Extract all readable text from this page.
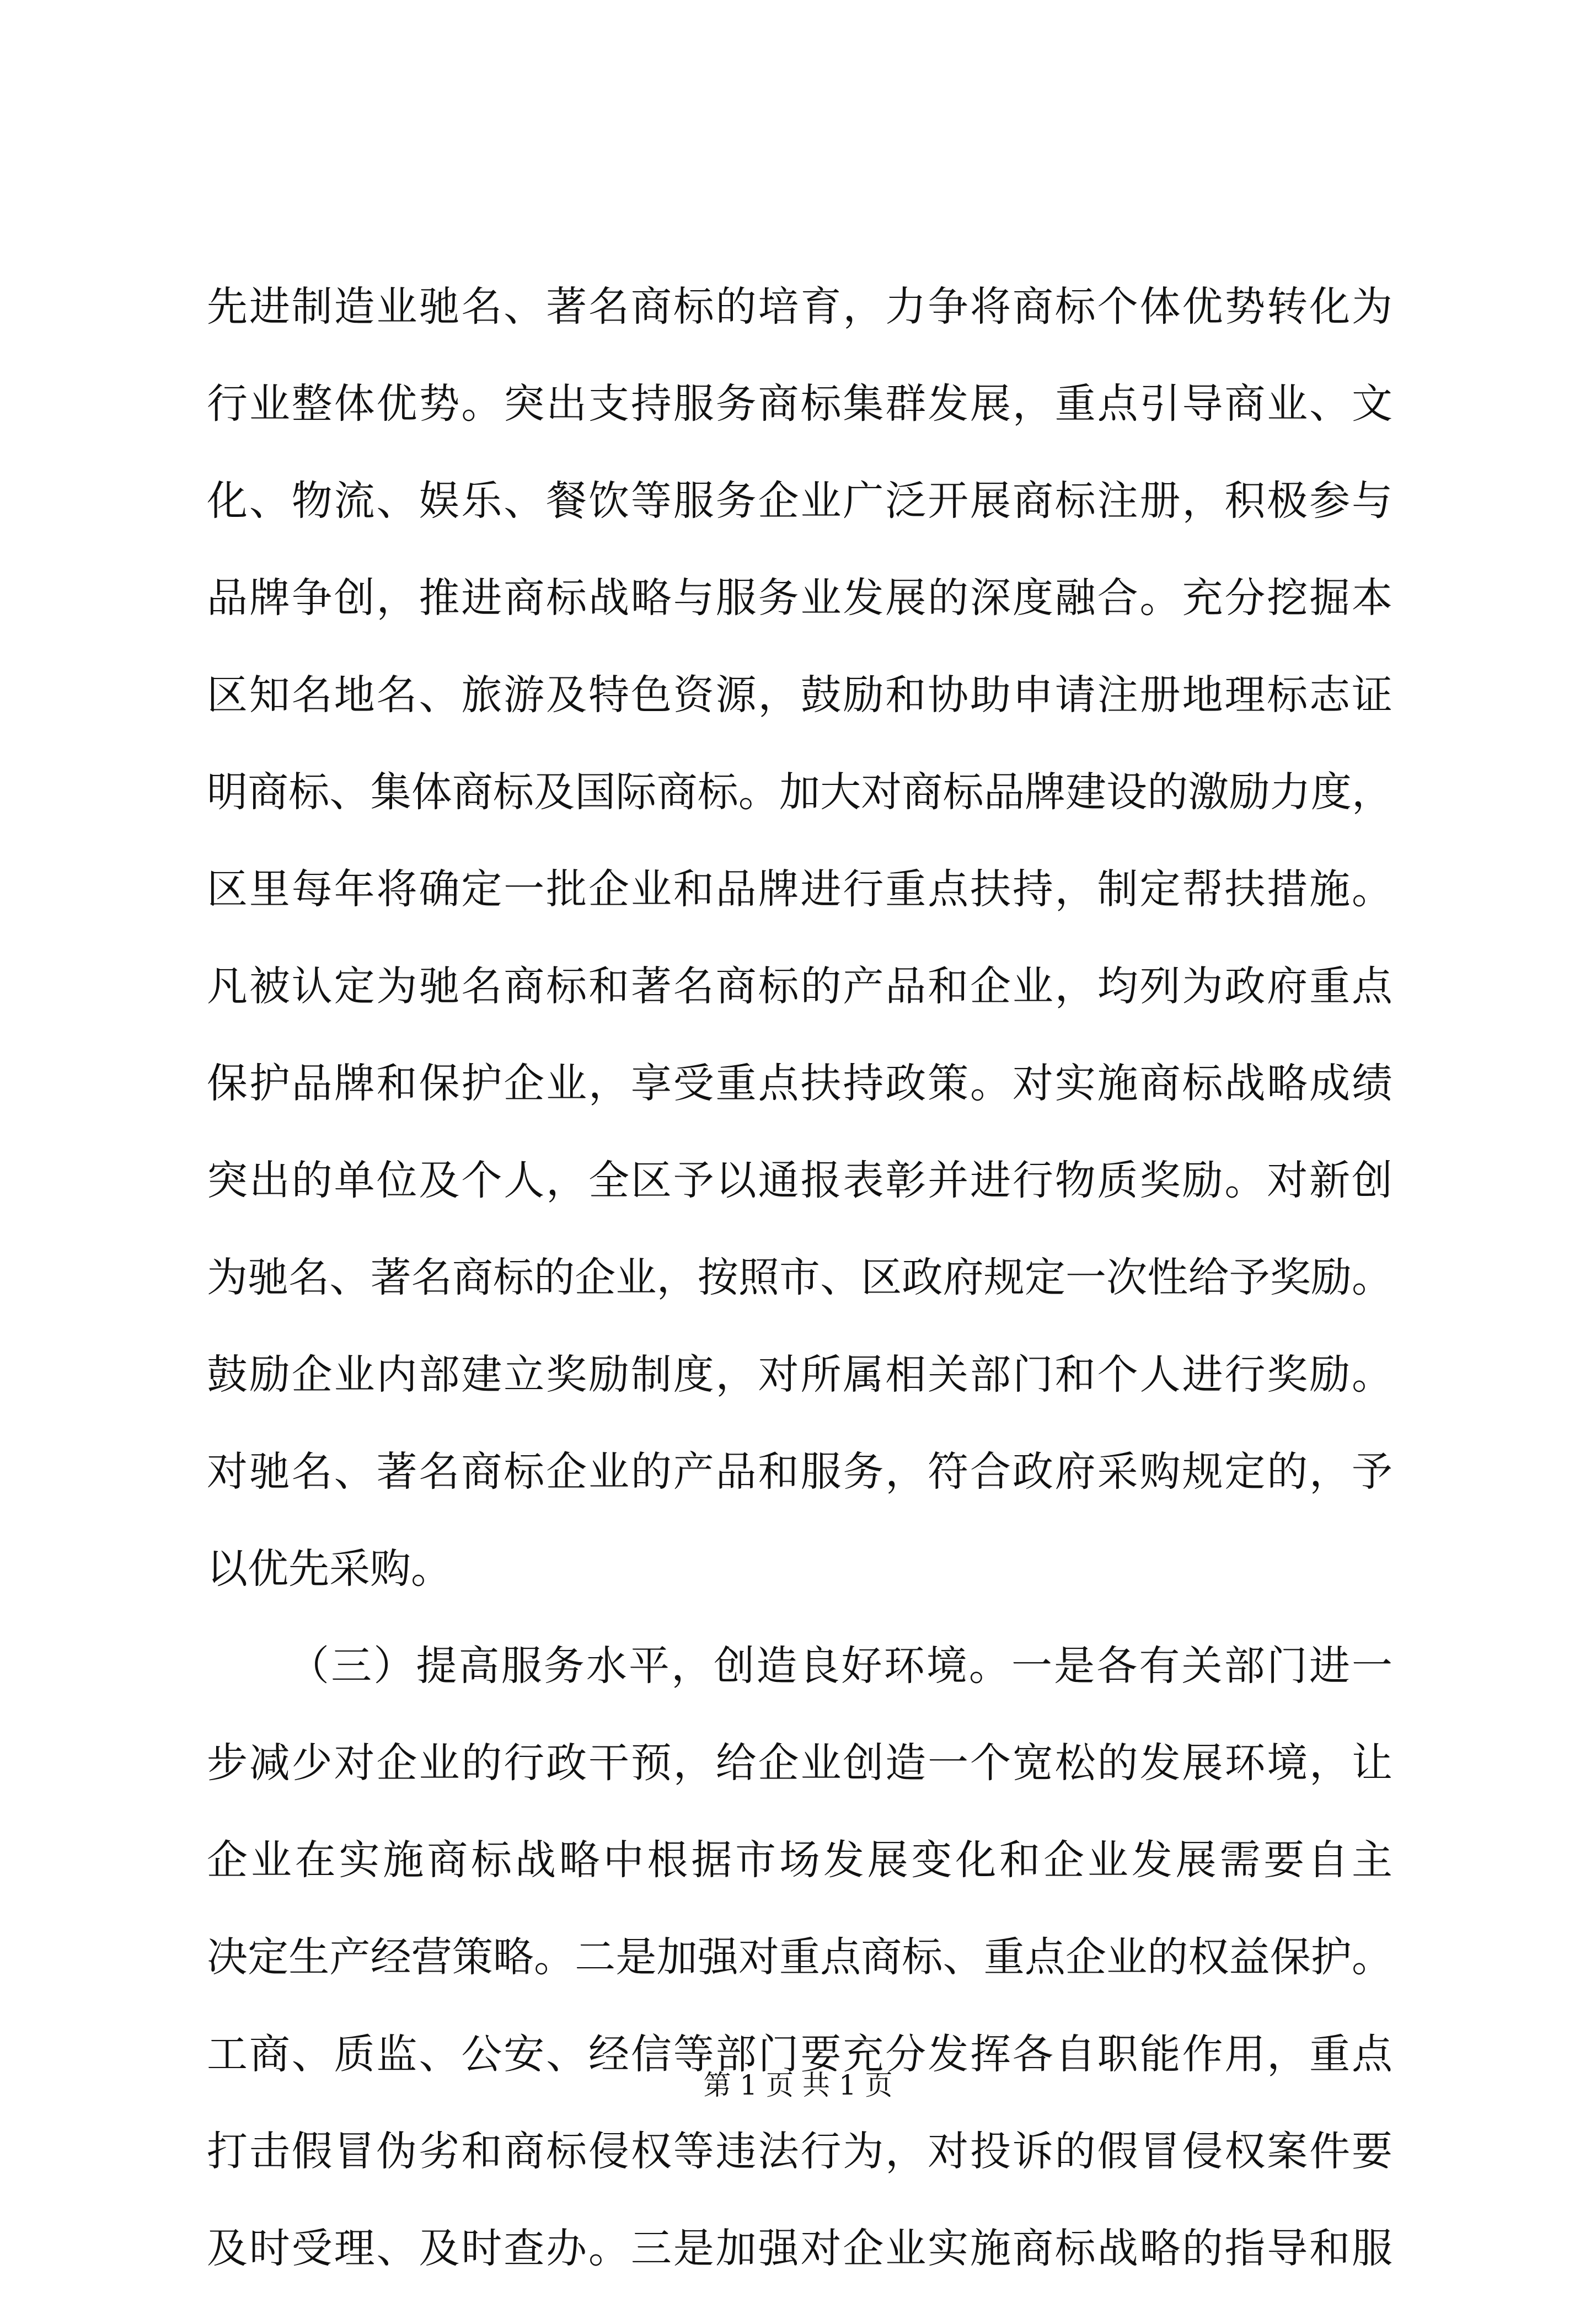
先进制造业驰名、著名商标的培育，力争将商标个体优势转化为
行业整体优势。突出支持服务商标集群发展，重点引导商业、文
化、物流、娱乐、餐饮等服务企业广泛开展商标注册，积极参与
品牌争创，推进商标战略与服务业发展的深度融合。充分挖掘本
区知名地名、旅游及特色资源，鼓励和协助申请注册地理标志证
明商标、集体商标及国际商标。加大对商标品牌建设的激励力度，
区里每年将确定一批企业和品牌进行重点扶持，制定帮扶措施。
凡被认定为驰名商标和著名商标的产品和企业，均列为政府重点
保护品牌和保护企业，享受重点扶持政策。对实施商标战略成绩
突出的单位及个人，全区予以通报表彰并进行物质奖励。对新创
为驰名、著名商标的企业，按照市、区政府规定一次性给予奖励。
鼓励企业内部建立奖励制度，对所属相关部门和个人进行奖励。
对驰名、著名商标企业的产品和服务，符合政府采购规定的，予
以优先采购。
（三）提高服务水平，创造良好环境。一是各有关部门进一
步减少对企业的行政干预，给企业创造一个宽松的发展环境，让
企业在实施商标战略中根据市场发展变化和企业发展需要自主
决定生产经营策略。二是加强对重点商标、重点企业的权益保护。
工商、质监、公安、经信等部门要充分发挥各自职能作用，重点
打击假冒伪劣和商标侵权等违法行为，对投诉的假冒侵权案件要
及时受理、及时查办。三是加强对企业实施商标战略的指导和服
第 1 页 共 1 页
